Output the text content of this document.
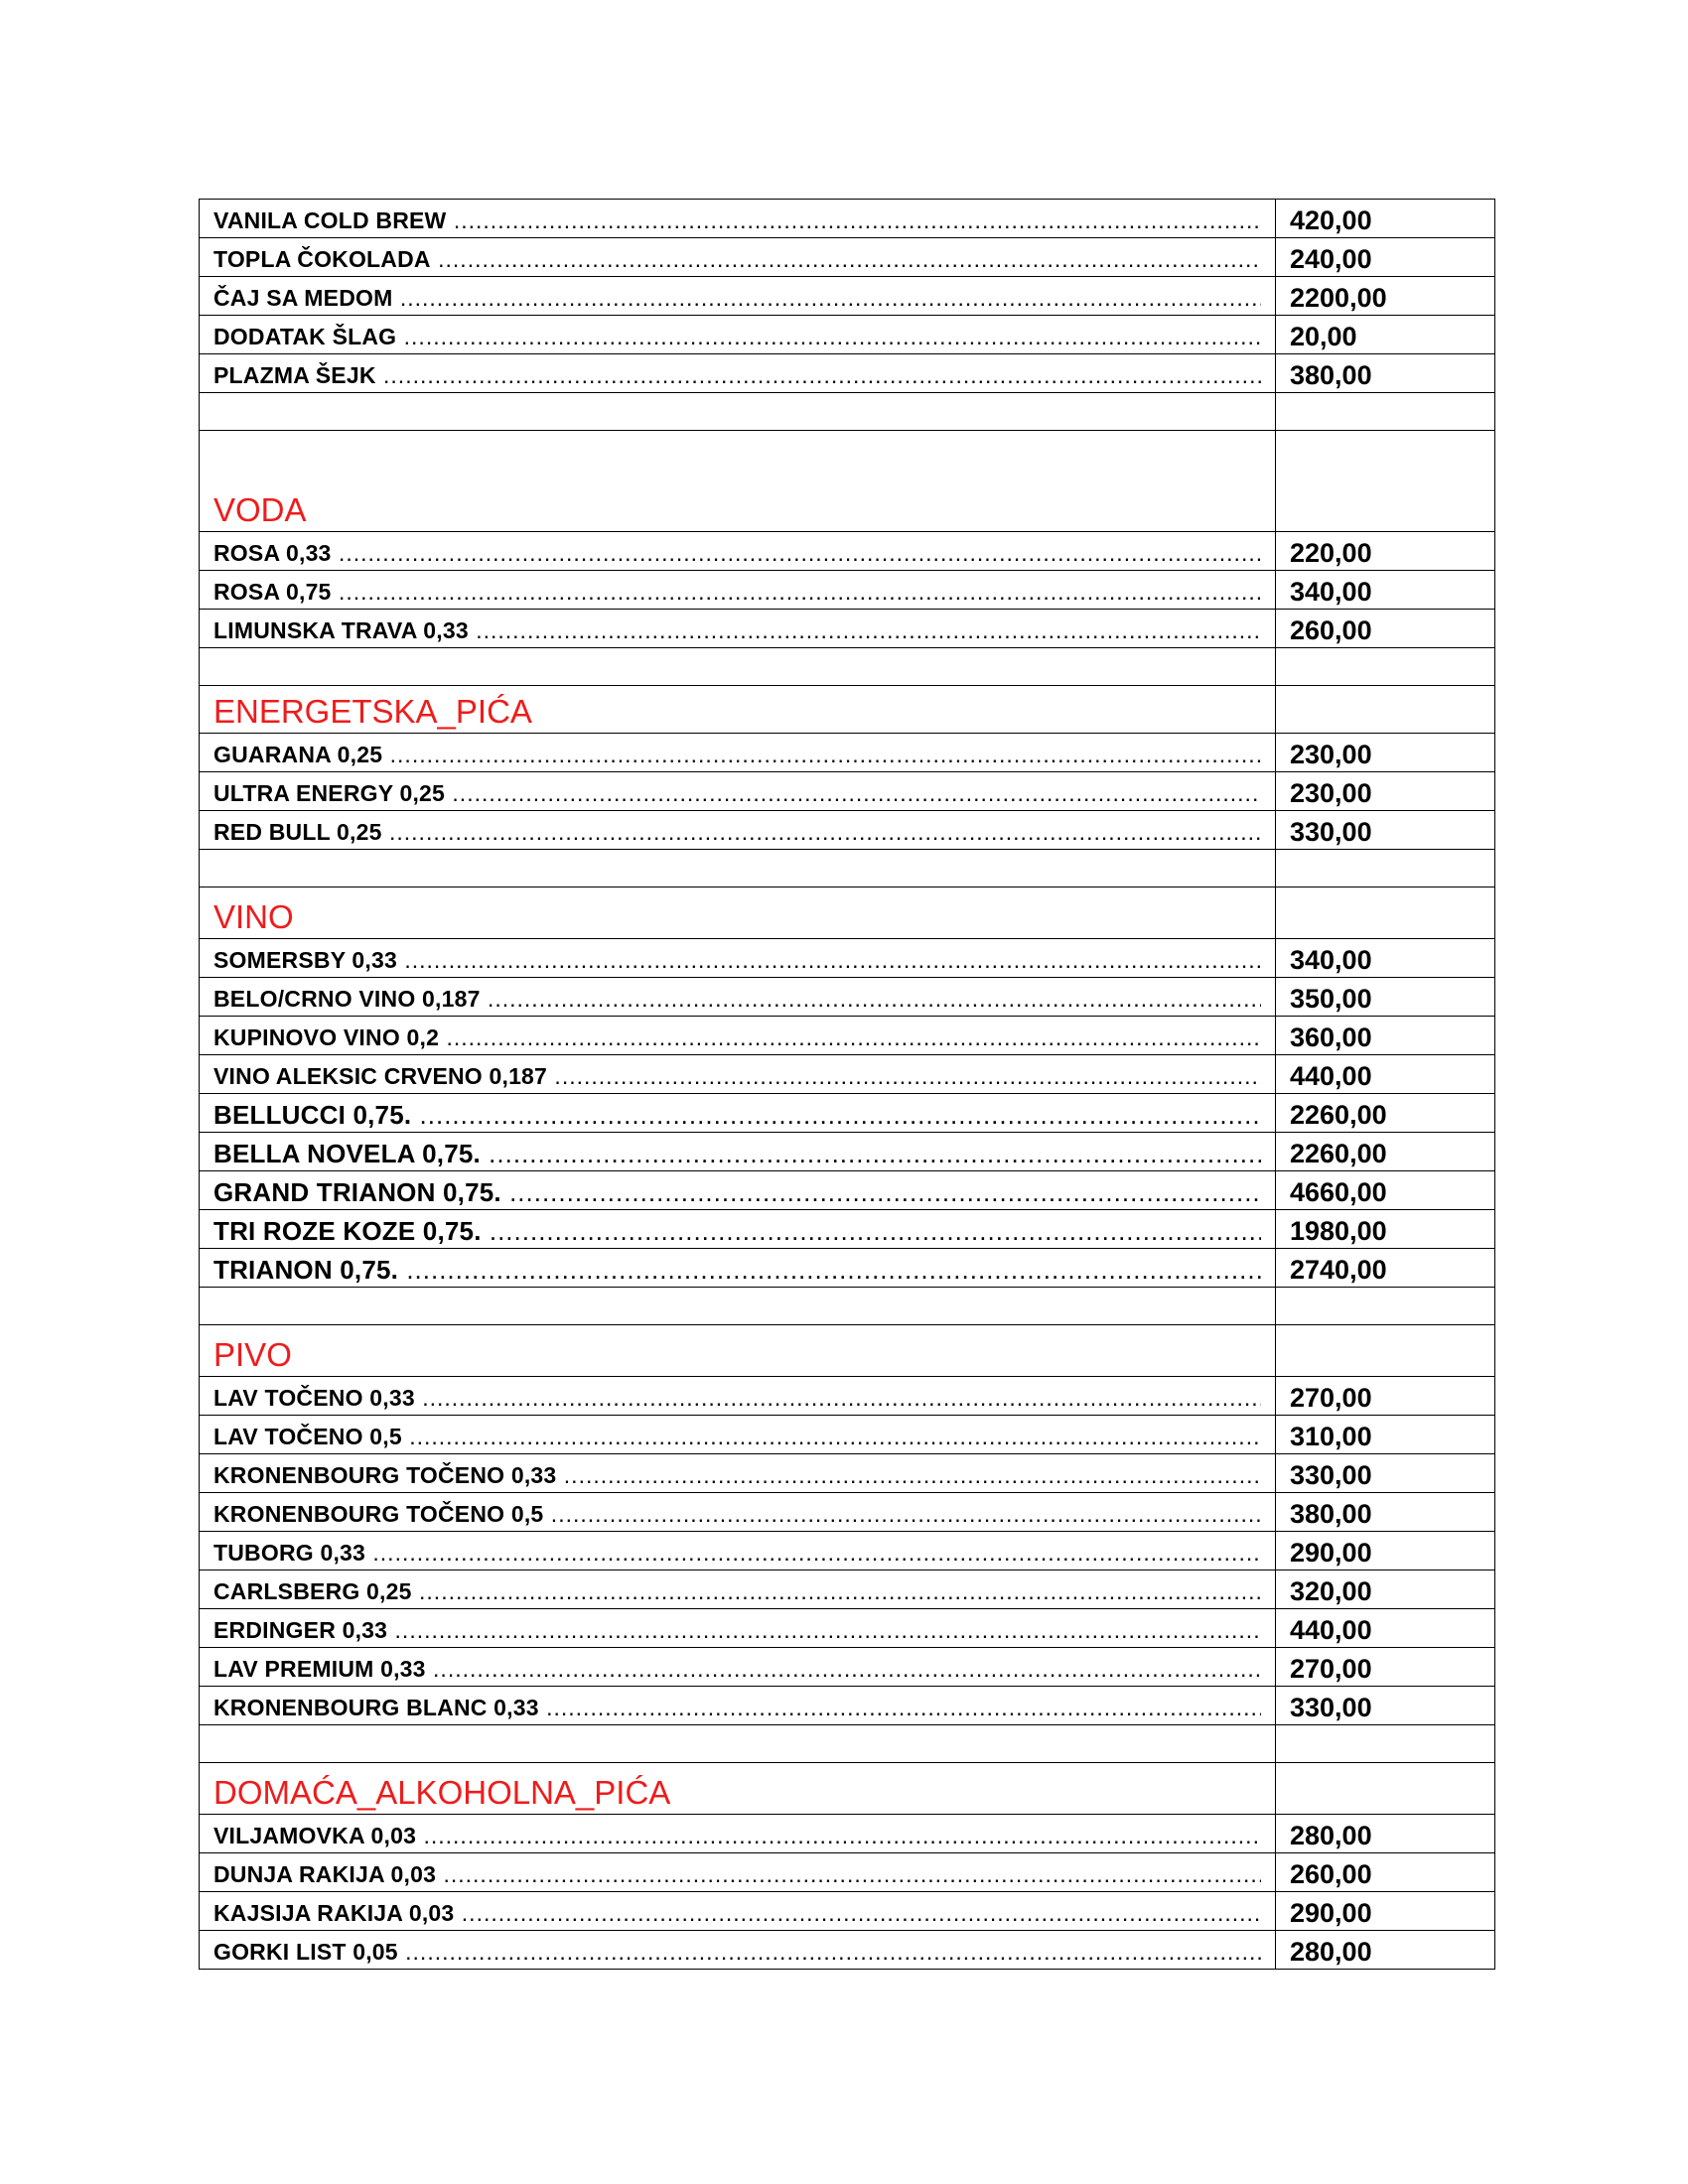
VANILA COLD BREW .....	420,00

TOPLA ČOKOLADA .....	240,00

ČAJ SA MEDOM .....	2200,00

DODATAK ŠLAG .....	20,00

PLAZMA ŠEJK .....	380,00

VODA	

ROSA 0,33 .....	220,00

ROSA 0,75 .....	340,00

LIMUNSKA TRAVA 0,33 .....	260,00

ENERGETSKA_PIĆA	

GUARANA 0,25 .....	230,00

ULTRA ENERGY 0,25 .....	230,00

RED BULL 0,25 .....	330,00

VINO	

SOMERSBY 0,33 .....	340,00

BELO/CRNO VINO 0,187 .....	350,00

KUPINOVO VINO 0,2 .....	360,00

VINO ALEKSIC CRVENO 0,187 .....	440,00

BELLUCCI 0,75. .....	2260,00

BELLA NOVELA 0,75. .....	2260,00

GRAND TRIANON 0,75. .....	4660,00

TRI ROZE KOZE 0,75. .....	1980,00

TRIANON 0,75. .....	2740,00

PIVO	

LAV TOČENO 0,33 .....	270,00

LAV TOČENO 0,5 .....	310,00

KRONENBOURG TOČENO 0,33 .....	330,00

KRONENBOURG TOČENO 0,5 .....	380,00

TUBORG 0,33 .....	290,00

CARLSBERG 0,25 .....	320,00

ERDINGER 0,33 .....	440,00

LAV PREMIUM 0,33 .....	270,00

KRONENBOURG BLANC 0,33 .....	330,00

DOMAĆA_ALKOHOLNA_PIĆA	

VILJAMOVKA 0,03 .....	280,00

DUNJA RAKIJA 0,03 .....	260,00

KAJSIJA RAKIJA 0,03 .....	290,00

GORKI LIST 0,05 .....	280,00
